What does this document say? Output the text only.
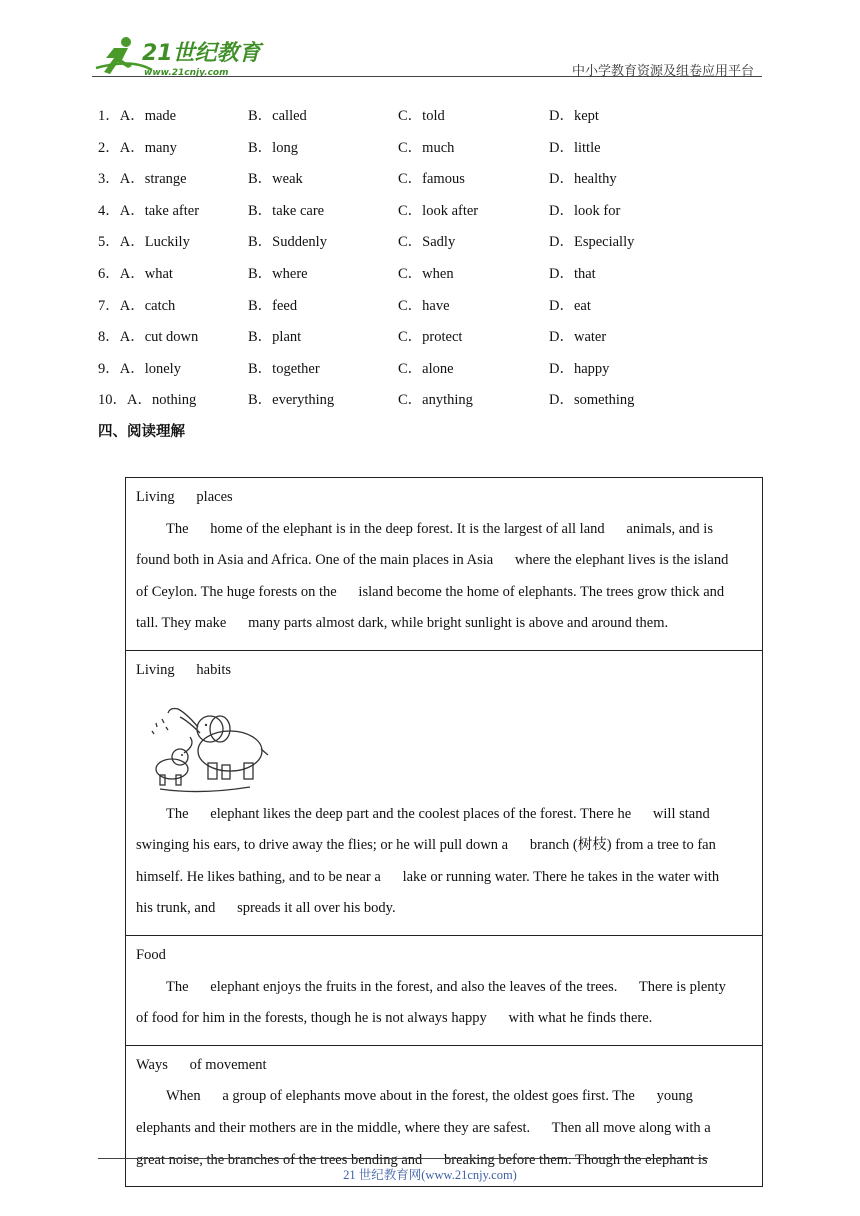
21世纪教育
www.21cnjy.com	中小学教育资源及组卷应用平台
1．A．made	B．called	C．told	D．kept
2．A．many	B．long	C．much	D．little
3．A．strange	B．weak	C．famous	D．healthy
4．A．take after	B．take care	C．look after	D．look for
5．A．Luckily	B．Suddenly	C．Sadly	D．Especially
6．A．what	B．where	C．when	D．that
7．A．catch	B．feed	C．have	D．eat
8．A．cut down	B．plant	C．protect	D．water
9．A．lonely	B．together	C．alone	D．happy
10．A．nothing	B．everything	C．anything	D．something
四、阅读理解
Living      places
The      home of the elephant is in the deep forest. It is the largest of all land      animals, and is
found both in Asia and Africa. One of the main places in Asia      where the elephant lives is the island
of Ceylon. The huge forests on the      island become the home of elephants. The trees grow thick and
tall. They make      many parts almost dark, while bright sunlight is above and around them.
Living      habits
The      elephant likes the deep part and the coolest places of the forest. There he      will stand
swinging his ears, to drive away the flies; or he will pull down a      branch (树枝) from a tree to fan
himself. He likes bathing, and to be near a      lake or running water. There he takes in the water with
his trunk, and      spreads it all over his body.
Food
The      elephant enjoys the fruits in the forest, and also the leaves of the trees.      There is plenty
of food for him in the forests, though he is not always happy      with what he finds there.
Ways      of movement
When      a group of elephants move about in the forest, the oldest goes first. The      young
elephants and their mothers are in the middle, where they are safest.      Then all move along with a
great noise, the branches of the trees bending and      breaking before them. Though the elephant is
21 世纪教育网(www.21cnjy.com)
